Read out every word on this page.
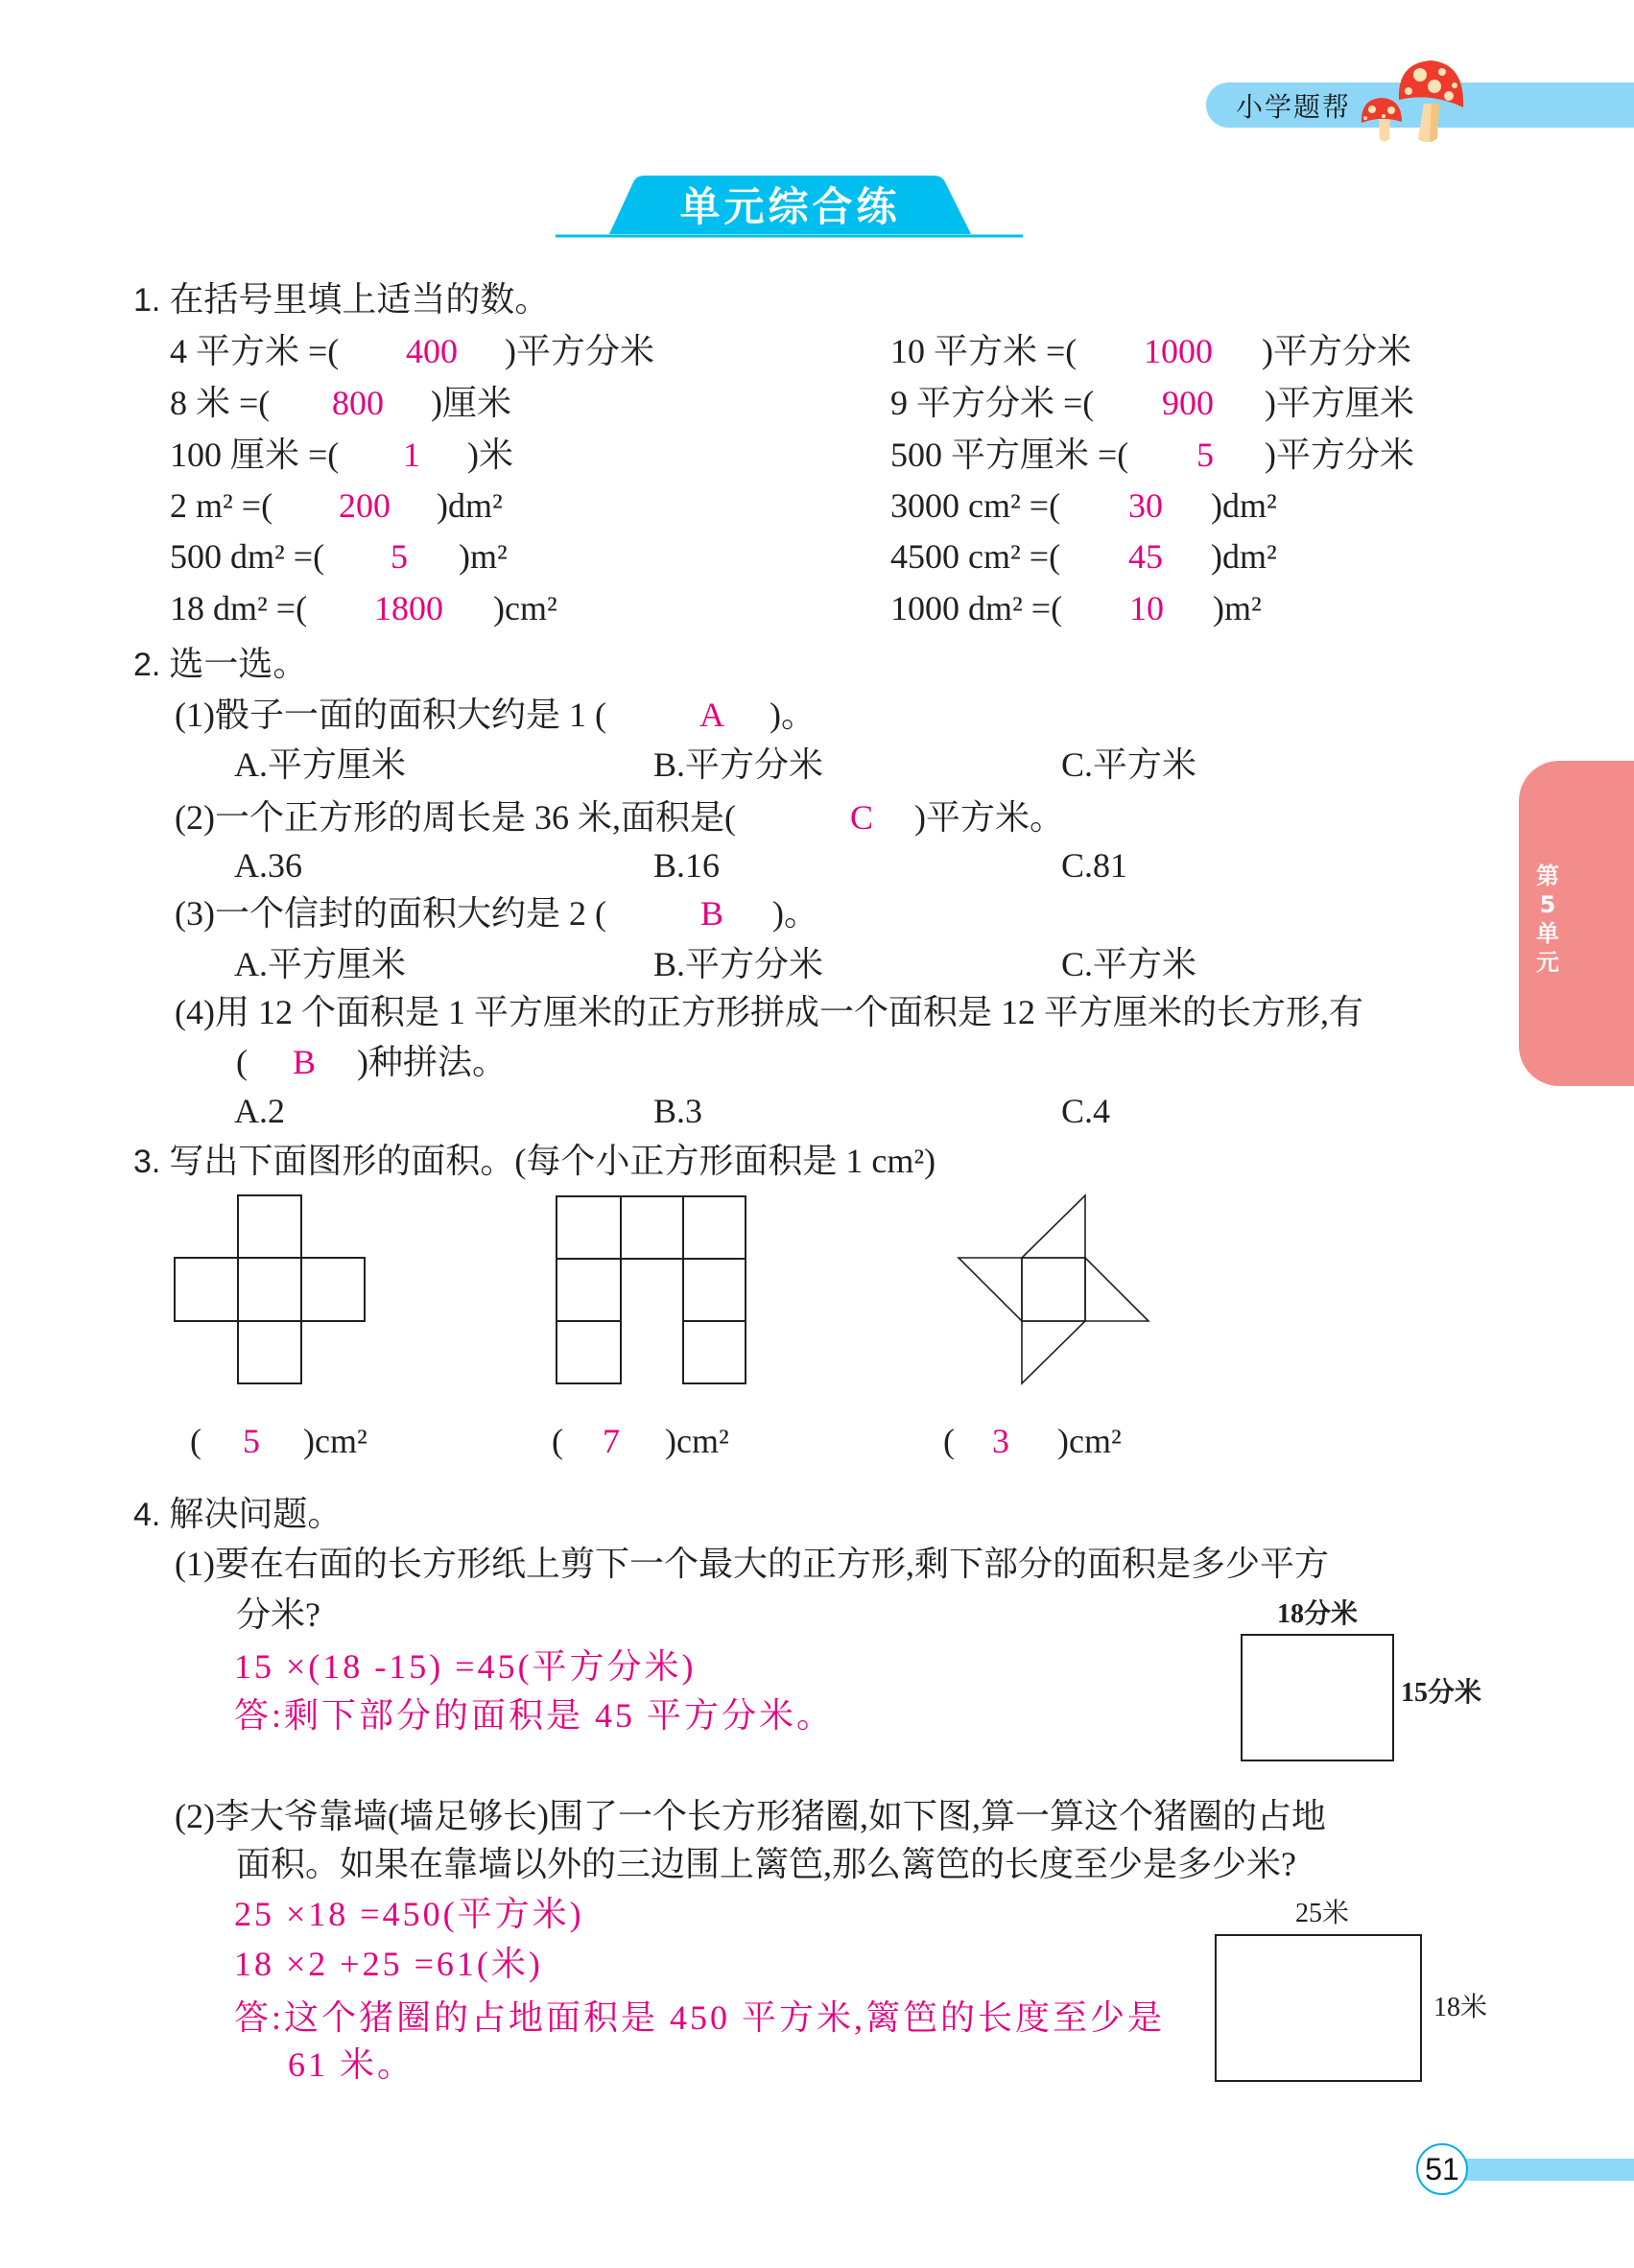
小学题帮
单元综合练
第
5
单
元
1. 在括号里填上适当的数。
4 平方米 =(	400	)平方分米
8 米 =(	800	)厘米
100 厘米 =(	1	)米
2 m² =(	200	)dm²
500 dm² =(	5	)m²
18 dm² =(	1800	)cm²
10 平方米 =(	1000	)平方分米
9 平方分米 =(	900	)平方厘米
500 平方厘米 =(	5	)平方分米
3000 cm² =(	30	)dm²
4500 cm² =(	45	)dm²
1000 dm² =(	10	)m²
2. 选一选。
(1)骰子一面的面积大约是 1 (	A	)。
A.平方厘米	B.平方分米	C.平方米
(2)一个正方形的周长是 36 米,面积是(	C	)平方米。
A.36	B.16	C.81
(3)一个信封的面积大约是 2 (	B	)。
A.平方厘米	B.平方分米	C.平方米
(4)用 12 个面积是 1 平方厘米的正方形拼成一个面积是 12 平方厘米的长方形,有
(	B	)种拼法。
A.2	B.3	C.4
3. 写出下面图形的面积。(每个小正方形面积是 1 cm²)
(	5	)cm²	(	7	)cm²	(	3	)cm²
4. 解决问题。
(1)要在右面的长方形纸上剪下一个最大的正方形,剩下部分的面积是多少平方
分米?
15 ×(18 -15) =45(平方分米)
答:剩下部分的面积是 45 平方分米。
18分米
15分米
(2)李大爷靠墙(墙足够长)围了一个长方形猪圈,如下图,算一算这个猪圈的占地
面积。如果在靠墙以外的三边围上篱笆,那么篱笆的长度至少是多少米?
25 ×18 =450(平方米)
18 ×2 +25 =61(米)
答:这个猪圈的占地面积是 450 平方米,篱笆的长度至少是
61 米。
25米
18米
51
